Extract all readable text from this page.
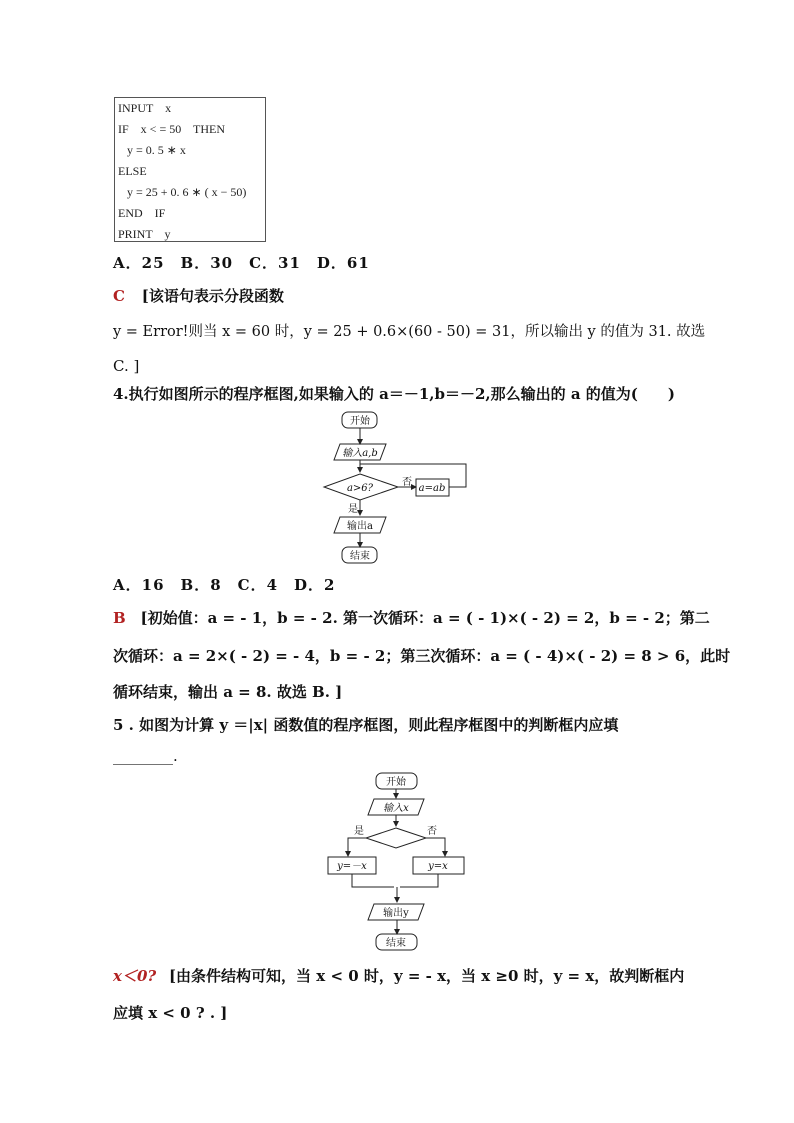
INPUT    x
IF    x < = 50    THEN
y = 0. 5 ∗ x
ELSE
y = 25 + 0. 6 ∗ ( x − 50)
END    IF
PRINT    y
A．25　B．30　C．31　D．61
C [该语句表示分段函数
y = Error!则当 x = 60 时，y = 25 + 0.6×(60 - 50) = 31，所以输出 y 的值为 31. 故选
C. ]
4.执行如图所示的程序框图,如果输入的 a＝－1,b＝－2,那么输出的 a 的值为(　　)
开始
输入a,b
a>6?
否
a=ab
是
输出a
结束
A．16　B．8　C．4　D．2
B [初始值：a = - 1，b = - 2. 第一次循环：a = ( - 1)×( - 2) = 2，b = - 2；第二
次循环：a = 2×( - 2) = - 4，b = - 2；第三次循环：a = ( - 4)×( - 2) = 8 > 6，此时
循环结束，输出 a = 8. 故选 B. ]
5 . 如图为计算 y ＝|x| 函数值的程序框图，则此程序框图中的判断框内应填
________.
开始
输入x
是	否
y=－x	y=x
输出y
结束
x＜0? [由条件结构可知，当 x < 0 时，y = - x，当 x ≥0 时，y = x，故判断框内
应填 x < 0 ? . ]
